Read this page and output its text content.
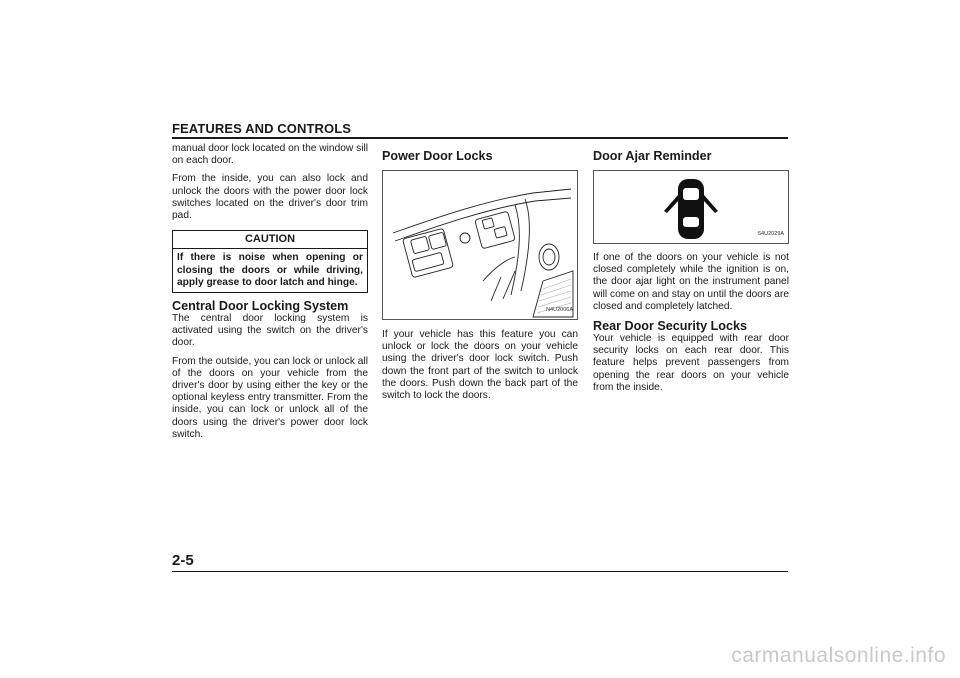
FEATURES AND CONTROLS

manual door lock located on the window sill on each door.

From the inside, you can also lock and unlock the doors with the power door lock switches located on the driver's door trim pad.

CAUTION
If there is noise when opening or closing the doors or while driving, apply grease to door latch and hinge.
Central Door Locking System

The central door locking system is activated using the switch on the driver's door.

From the outside, you can lock or unlock all of the doors on your vehicle from the driver's door by using either the key or the optional keyless entry transmitter. From the inside, you can lock or unlock all of the doors using the driver's power door lock switch.

Power Door Locks
N4U2006A

If your vehicle has this feature you can unlock or lock the doors on your vehicle using the driver's door lock switch. Push down the front part of the switch to unlock the doors. Push down the back part of the switch to lock the doors.

Door Ajar Reminder
S4U2029A

If one of the doors on your vehicle is not closed completely while the ignition is on, the door ajar light on the instrument panel will come on and stay on until the doors are closed and completely latched.

Rear Door Security Locks

Your vehicle is equipped with rear door security locks on each rear door. This feature helps prevent passengers from opening the rear doors on your vehicle from the inside.

2-5
carmanualsonline.info
